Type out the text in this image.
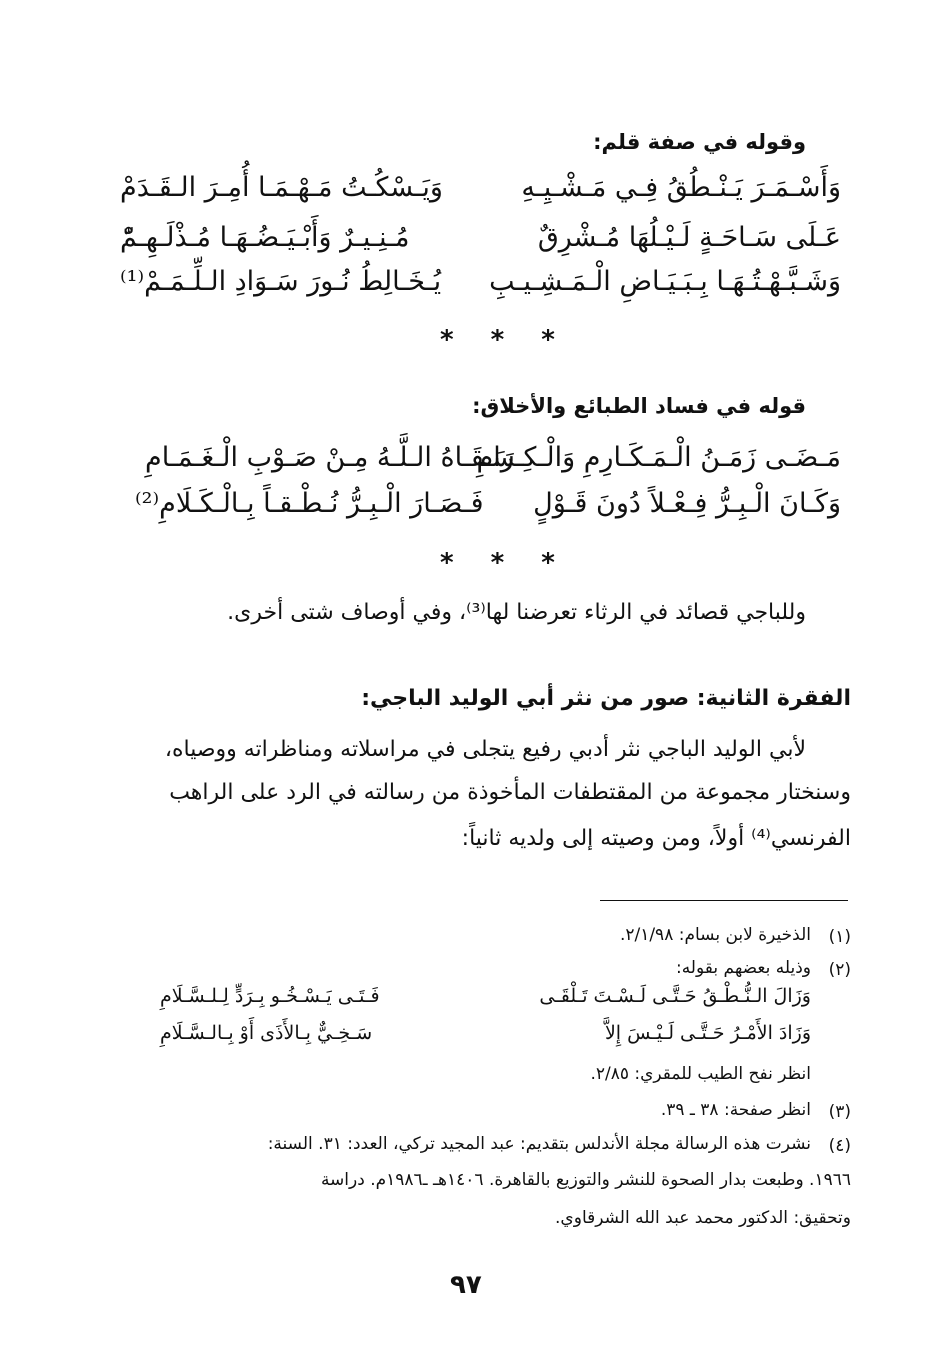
وقوله في صفة قلم:
وَأَسْـمَـرَ يَـنْـطُقُ فِـي مَـشْـيِـهِ
وَيَـسْكُـتُ مَـهْـمَـا أُمِـرَ الـقَـدَمْ
عَـلَى سَـاحَـةٍ لَـيْـلُهَا مُـشْرِقٌ
مُـنِـيـرٌ وَأَبْـيَـضُـهَـا مُـذْلَـهِـمّْ
وَشَـبَّـهْـتُـهَـا بِـبَـيَـاضِ الْـمَـشِـيـبِ
يُـخَـالِطُ نُـورَ سَـوَادِ الـلِّـمَـمْ⁽¹⁾
* * *
قوله في فساد الطبائع والأخلاق:
مَـضَـى زَمَـنُ الْـمَـكَـارِمِ وَالْـكِـرَامِ
سَـقَـاهُ الـلَّـهُ مِـنْ صَـوْبِ الْـغَـمَـامِ
وَكَـانَ الْـبِـرُّ فِـعْـلاً دُونَ قَـوْلٍ
فَـصَـارَ الْـبِـرُّ نُـطْـقـاً بِـالْـكَـلَامِ⁽²⁾
* * *
وللباجي قصائد في الرثاء تعرضنا لها⁽³⁾، وفي أوصاف شتى أخرى.
الفقرة الثانية: صور من نثر أبي الوليد الباجي:
لأبي الوليد الباجي نثر أدبي رفيع يتجلى في مراسلاته ومناظراته ووصياه،
وسنختار مجموعة من المقتطفات المأخوذة من رسالته في الرد على الراهب
الفرنسي⁽⁴⁾ أولاً، ومن وصيته إلى ولديه ثانياً:
(١)
الذخيرة لابن بسام: ٢/١/٩٨.
(٢)
وذيله بعضهم بقوله:
وَزَالَ الـنُّـطْـقُ حَـتَّـى لَـسْـتَ تَـلْقَـى
فَـتَـى يَـسْـخُـو بِـرَدٍّ لِـلـسَّـلَامِ
وَزَادَ الأَمْـرُ حَـتَّـى لَـيْـسَ إِلاَّ
سَـخِـيٌّ بِـالأَذَى أَوْ بِـالـسَّـلَامِ
انظر نفح الطيب للمقري: ٢/٨٥.
(٣)
انظر صفحة: ٣٨ ـ ٣٩.
(٤)
نشرت هذه الرسالة مجلة الأندلس بتقديم: عبد المجيد تركي، العدد: ٣١. السنة:
١٩٦٦. وطبعت بدار الصحوة للنشر والتوزيع بالقاهرة. ١٤٠٦هـ ـ١٩٨٦م. دراسة
وتحقيق: الدكتور محمد عبد الله الشرقاوي.
٩٧
